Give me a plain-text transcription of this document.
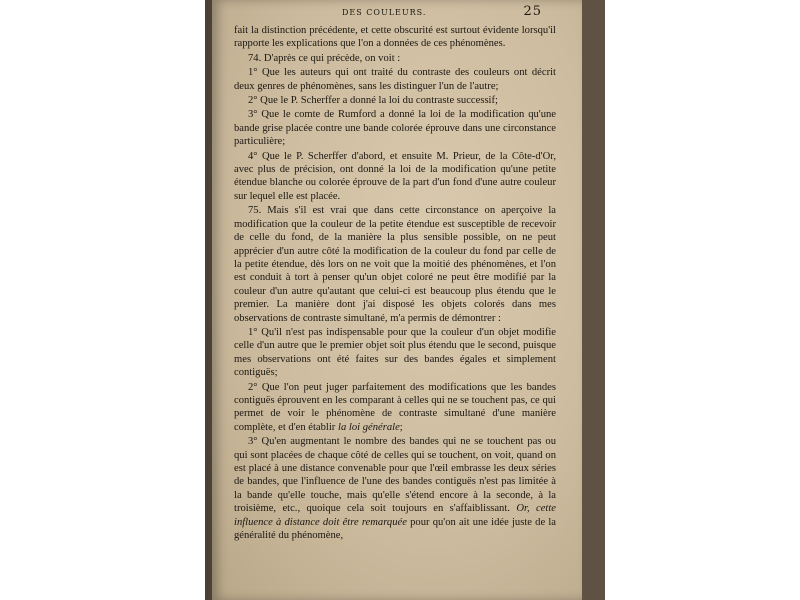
DES COULEURS.	25

fait la distinction précédente, et cette obscurité est surtout évidente lorsqu'il rapporte les explications que l'on a données de ces phénomènes.

74. D'après ce qui précède, on voit :

1° Que les auteurs qui ont traité du contraste des couleurs ont décrit deux genres de phénomènes, sans les distinguer l'un de l'autre;

2° Que le P. Scherffer a donné la loi du contraste successif;

3° Que le comte de Rumford a donné la loi de la modification qu'une bande grise placée contre une bande colorée éprouve dans une circonstance particulière;

4° Que le P. Scherffer d'abord, et ensuite M. Prieur, de la Côte-d'Or, avec plus de précision, ont donné la loi de la modification qu'une petite étendue blanche ou colorée éprouve de la part d'un fond d'une autre couleur sur lequel elle est placée.

75. Mais s'il est vrai que dans cette circonstance on aperçoive la modification que la couleur de la petite étendue est susceptible de recevoir de celle du fond, de la manière la plus sensible possible, on ne peut apprécier d'un autre côté la modification de la couleur du fond par celle de la petite étendue, dès lors on ne voit que la moitié des phénomènes, et l'on est conduit à tort à penser qu'un objet coloré ne peut être modifié par la couleur d'un autre qu'autant que celui-ci est beaucoup plus étendu que le premier. La manière dont j'ai disposé les objets colorés dans mes observations de contraste simultané, m'a permis de démontrer :

1° Qu'il n'est pas indispensable pour que la couleur d'un objet modifie celle d'un autre que le premier objet soit plus étendu que le second, puisque mes observations ont été faites sur des bandes égales et simplement contiguës;

2° Que l'on peut juger parfaitement des modifications que les bandes contiguës éprouvent en les comparant à celles qui ne se touchent pas, ce qui permet de voir le phénomène de contraste simultané d'une manière complète, et d'en établir la loi générale;

3° Qu'en augmentant le nombre des bandes qui ne se touchent pas ou qui sont placées de chaque côté de celles qui se touchent, on voit, quand on est placé à une distance convenable pour que l'œil embrasse les deux séries de bandes, que l'influence de l'une des bandes contiguës n'est pas limitée à la bande qu'elle touche, mais qu'elle s'étend encore à la seconde, à la troisième, etc., quoique cela soit toujours en s'affaiblissant. Or, cette influence à distance doit être remarquée pour qu'on ait une idée juste de la généralité du phénomène,
